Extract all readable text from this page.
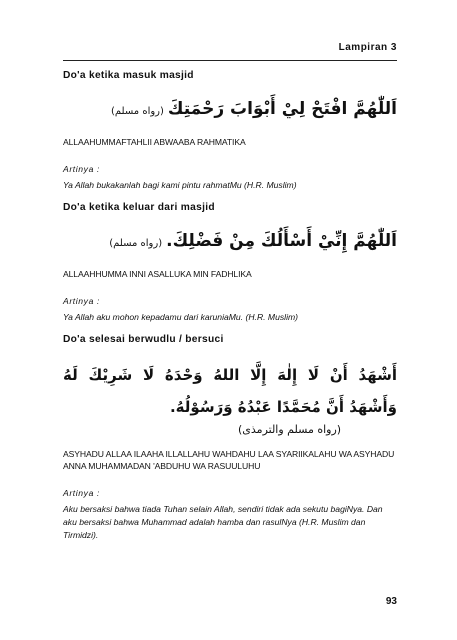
Lampiran 3
Do'a ketika masuk masjid
اَللّٰهُمَّ افْتَحْ لِيْ أَبْوَابَ رَحْمَتِكَ(رواه مسلم)

ALLAAHUMMAFTAHLII ABWAABA RAHMATIKA

Artinya :

Ya Allah bukakanlah bagi kami pintu rahmatMu (H.R. Muslim)

Do'a ketika keluar dari masjid
اَللّٰهُمَّ إِنِّيْ أَسْأَلُكَ مِنْ فَضْلِكَ.(رواه مسلم)

ALLAAHHUMMA INNI ASALLUKA MIN FADHLIKA

Artinya :

Ya Allah aku mohon kepadamu dari karuniaMu. (H.R. Muslim)

Do'a selesai berwudlu / bersuci
أَشْهَدُ أَنْ لَا إِلٰهَ إِلَّا اللهُ وَحْدَهُ لَا شَرِيْكَ لَهُ وَأَشْهَدُ أَنَّ مُحَمَّدًا عَبْدُهُ وَرَسُوْلُهُ.
(رواه مسلم والترمذى)

ASYHADU ALLAA ILAAHA ILLALLAHU WAHDAHU LAA SYARIIKALAHU WA ASYHADU ANNA MUHAMMADAN 'ABDUHU WA RASUULUHU

Artinya :

Aku bersaksi bahwa tiada Tuhan selain Allah, sendiri tidak ada sekutu bagiNya. Dan aku bersaksi bahwa Muhammad adalah hamba dan rasulNya (H.R. Muslim dan Tirmidzi).

93
